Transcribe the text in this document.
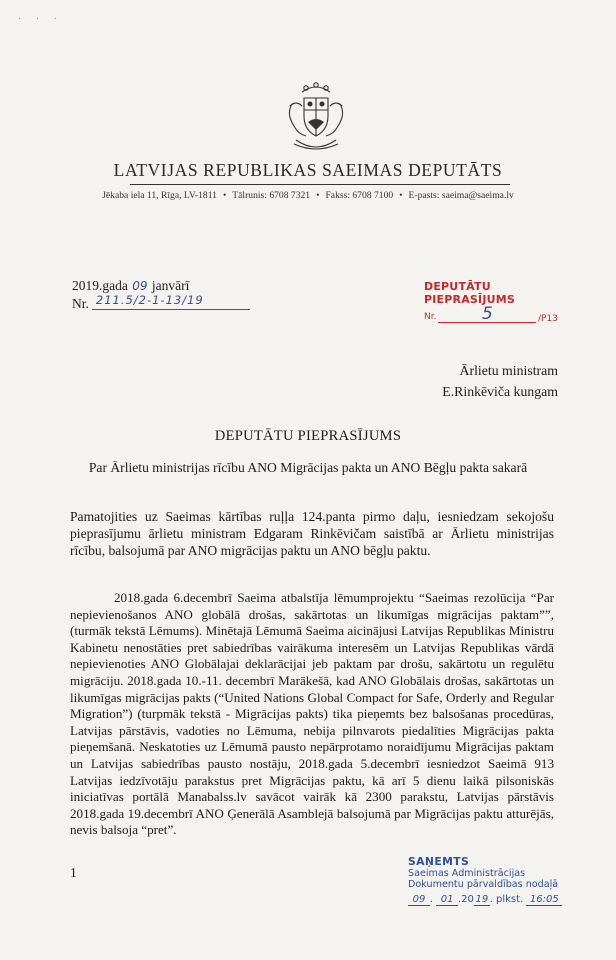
· · ·
LATVIJAS REPUBLIKAS SAEIMAS DEPUTĀTS
Jēkaba iela 11, Rīga, LV-1811 • Tālrunis: 6708 7321 • Fakss: 6708 7100 • E-pasts: saeima@saeima.lv
2019.gada 09 janvārī
Nr. 211.5/2-1-13/19
DEPUTĀTU PIEPRASĪJUMS
Nr.	5	/P13
Ārlietu ministram
E.Rinkēviča kungam
DEPUTĀTU PIEPRASĪJUMS
Par Ārlietu ministrijas rīcību ANO Migrācijas pakta un ANO Bēgļu pakta sakarā
Pamatojities uz Saeimas kārtības ruļļa 124.panta pirmo daļu, iesniedzam sekojošu pieprasījumu ārlietu ministram Edgaram Rinkēvičam saistībā ar Ārlietu ministrijas rīcību, balsojumā par ANO migrācijas paktu un ANO bēgļu paktu.
2018.gada 6.decembrī Saeima atbalstīja lēmumprojektu “Saeimas rezolūcija “Par nepievienošanos ANO globālā drošas, sakārtotas un likumīgas migrācijas paktam””, (turmāk tekstā Lēmums). Minētajā Lēmumā Saeima aicinājusi Latvijas Republikas Ministru Kabinetu nenostāties pret sabiedrības vairākuma interesēm un Latvijas Republikas vārdā nepievienoties ANO Globālajai deklarācijai jeb paktam par drošu, sakārtotu un regulētu migrāciju. 2018.gada 10.-11. decembrī Marākešā, kad ANO Globālais drošas, sakārtotas un likumīgas migrācijas pakts (“United Nations Global Compact for Safe, Orderly and Regular Migration”) (turpmāk tekstā - Migrācijas pakts) tika pieņemts bez balsošanas procedūras, Latvijas pārstāvis, vadoties no Lēmuma, nebija pilnvarots piedalīties Migrācijas pakta pieņemšanā. Neskatoties uz Lēmumā pausto nepārprotamo noraidījumu Migrācijas paktam un Latvijas sabiedrības pausto nostāju, 2018.gada 5.decembrī iesniedzot Saeimā 913 Latvijas iedzīvotāju parakstus pret Migrācijas paktu, kā arī 5 dienu laikā pilsoniskās iniciatīvas portālā Manabalss.lv savācot vairāk kā 2300 parakstu, Latvijas pārstāvis 2018.gada 19.decembrī ANO Ģenerālā Asamblejā balsojumā par Migrācijas paktu atturējās, nevis balsoja “pret”.
1
SAŅEMTS
Saeimas Administrācijas
Dokumentu pārvaldības nodaļā
09 . 01 .20 19 . plkst. 16:05
